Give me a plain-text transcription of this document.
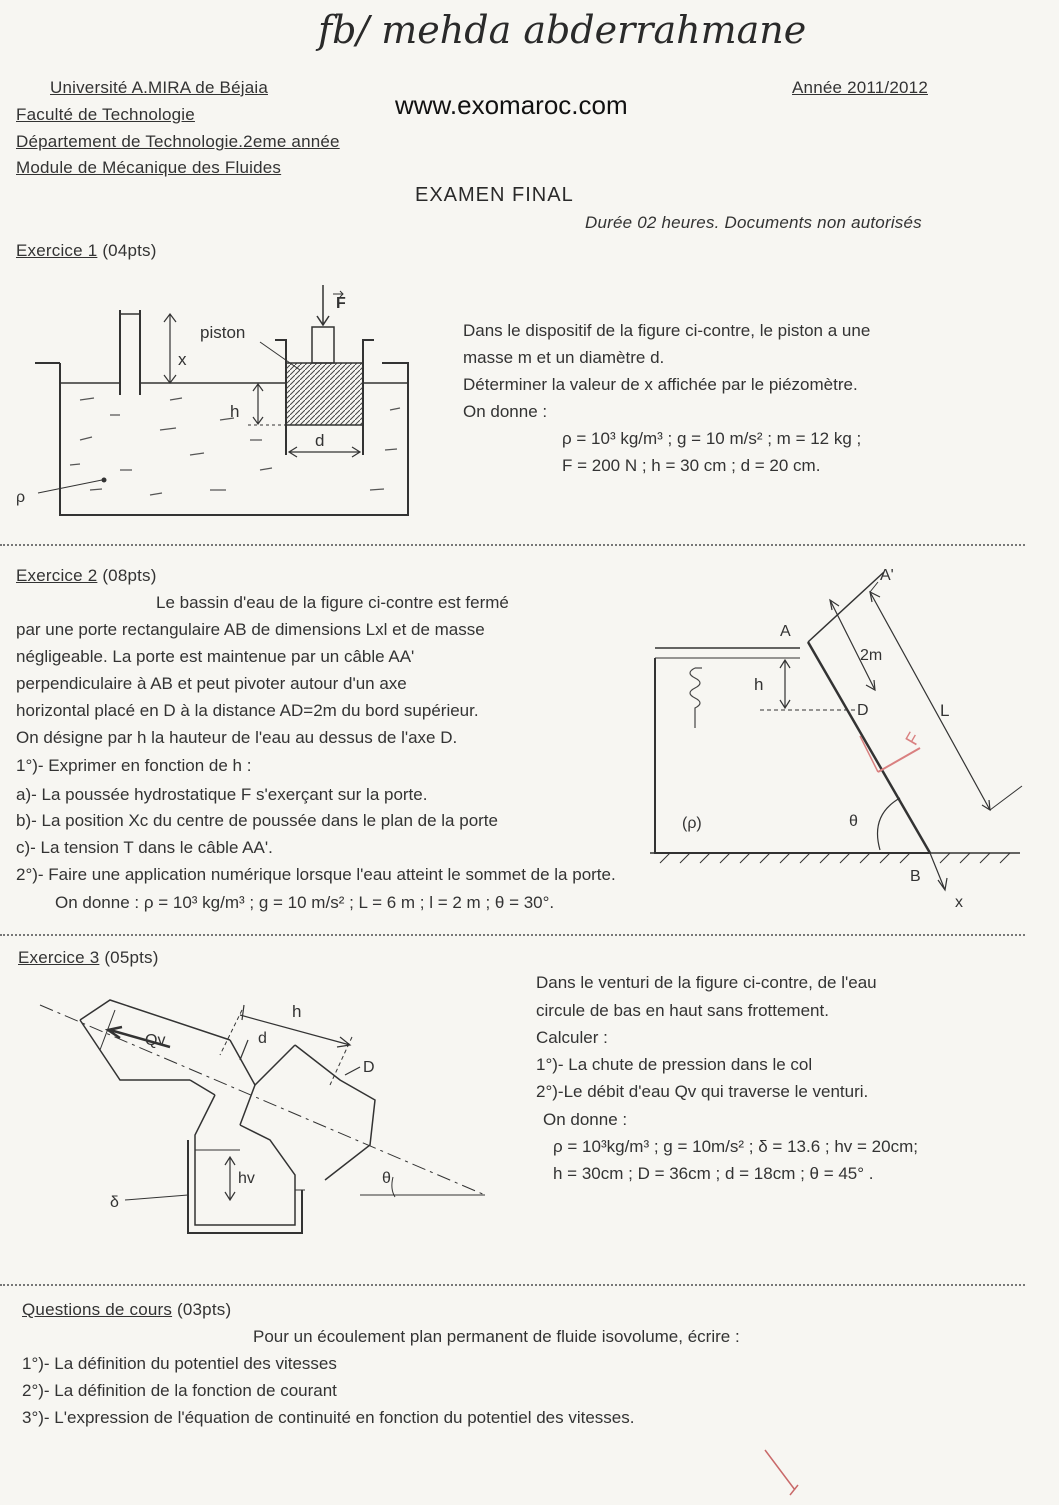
fb/ mehda abderrahmane
Université A.MIRA de Béjaia	Année 2011/2012
www.exomaroc.com
Faculté de Technologie
Département de Technologie.2eme année
Module de Mécanique des Fluides
EXAMEN FINAL
Durée 02 heures. Documents non autorisés
Exercice 1 (04pts)
x
F
piston
h
d
ρ
Dans le dispositif de la figure ci-contre, le piston a une
masse m et un diamètre d.
Déterminer la valeur de x affichée par le piézomètre.
On donne :
ρ = 10³ kg/m³ ; g = 10 m/s² ; m = 12 kg ;
F = 200 N ; h = 30 cm ; d = 20 cm.
Exercice 2 (08pts)
Le bassin d'eau de la figure ci-contre est fermé
par une porte rectangulaire AB de dimensions Lxl et de masse
négligeable. La porte est maintenue par un câble AA'
perpendiculaire à AB et peut pivoter autour d'un axe
horizontal placé en D à la distance AD=2m du bord supérieur.
On désigne par h la hauteur de l'eau au dessus de l'axe D.
1°)- Exprimer en fonction de h :
a)- La poussée hydrostatique F s'exerçant sur la porte.
b)- La position Xc du centre de poussée dans le plan de la porte
c)- La tension T dans le câble AA'.
2°)- Faire une application numérique lorsque l'eau atteint le sommet de la porte.
On donne : ρ = 10³ kg/m³ ; g = 10 m/s² ; L = 6 m ; l = 2 m ; θ = 30°.
L
2m
h
F
θ
(ρ)
A'
A
D
B
x
Exercice 3 (05pts)
θ
hv
δ
Qv
h
d
D
Dans le venturi de la figure ci-contre, de l'eau
circule de bas en haut sans frottement.
Calculer :
1°)- La chute de pression dans le col
2°)-Le débit d'eau Qv qui traverse le venturi.
On donne :
ρ = 10³kg/m³ ; g = 10m/s² ; δ = 13.6 ; hv = 20cm;
h = 30cm ; D = 36cm ; d = 18cm ; θ = 45° .
Questions de cours (03pts)
Pour un écoulement plan permanent de fluide isovolume, écrire :
1°)- La définition du potentiel des vitesses
2°)- La définition de la fonction de courant
3°)- L'expression de l'équation de continuité en fonction du potentiel des vitesses.
